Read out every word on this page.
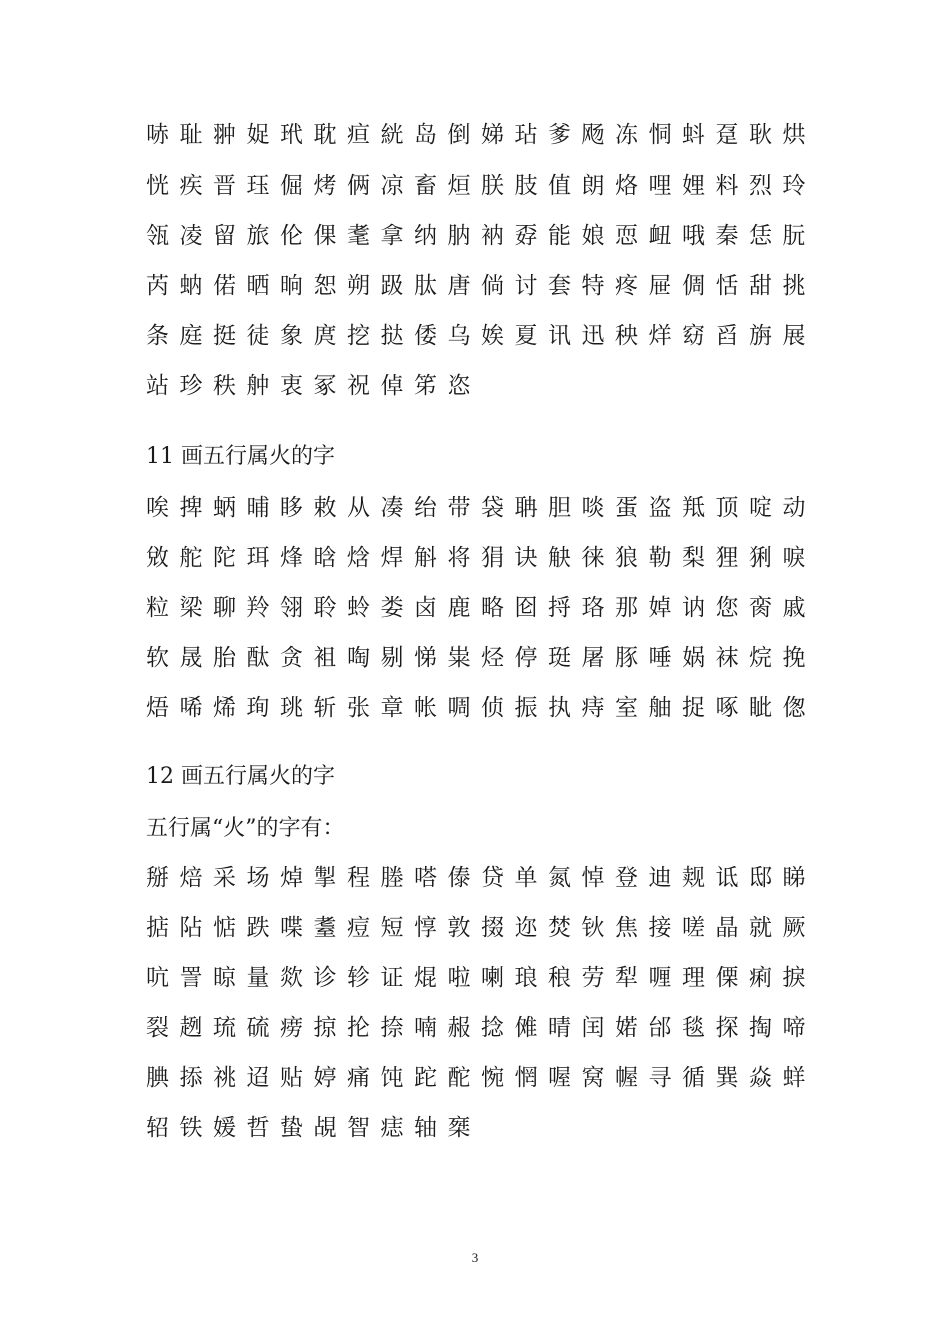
哧 耻 翀 娖 玳 耽 疸 絖 岛 倒 娣 玷 爹 飏 冻 恫 蚪 趸 耿 烘
恍 疾 晋 珏 倔 烤 俩 凉 畜 烜 朕 肢 值 朗 烙 哩 娌 料 烈 玲
瓴 凌 留 旅 伦 倮 耄 拿 纳 肭 衲 孬 能 娘 恧 衄 哦 秦 恁 朊
芮 蚋 偌 晒 晌 恕 朔 趿 肽 唐 倘 讨 套 特 疼 屉 倜 恬 甜 挑
条 庭 挺 徒 象 庹 挖 挞 倭 乌 娭 夏 讯 迅 秧 烊 窈 舀 旃 展
站 珍 秩 舯 衷 冢 祝 倬 笫 恣
11 画五行属火的字
唉 捭 蛃 晡 眵 敕 从 凑 绐 带 袋 聃 胆 啖 蛋 盗 羝 顶 啶 动
敓 舵 陀 珥 烽 晗 焓 焊 斛 将 狷 诀 觖 徕 狼 勒 梨 狸 猁 唳
粒 梁 聊 羚 翎 聆 蛉 娄 卤 鹿 略 囵 捋 珞 那 婥 讷 您 脔 戚
软 晟 胎 酞 贪 袓 啕 剔 悌 粜 烃 停 珽 屠 豚 唾 娲 袜 烷 挽
焐 唏 烯 珣 珧 斩 张 章 帐 啁 侦 振 执 痔 室 舳 捉 啄 眦 偬
12 画五行属火的字
五行属“火”的字有：
掰 焙 采 场 焯 掣 程 塍 嗒 傣 贷 单 氮 悼 登 迪 觌 诋 邸 睇
掂 阽 惦 跌 喋 耋 痘 短 惇 敦 掇 迩 焚 钬 焦 接 嗟 晶 就 厥
吭 詈 晾 量 欻 诊 轸 证 焜 啦 喇 琅 稂 劳 犁 喱 理 傈 痢 捩
裂 趔 琉 硫 痨 掠 抡 捺 喃 赧 捻 傩 晴 闰 婼 邰 毯 探 掏 啼
腆 掭 祧 迢 贴 婷 痛 饨 跎 酡 惋 惘 喔 窝 幄 寻 循 巽 焱 蛘
轺 铁 媛 哲 蛰 覘 智 痣 轴 椉
3
